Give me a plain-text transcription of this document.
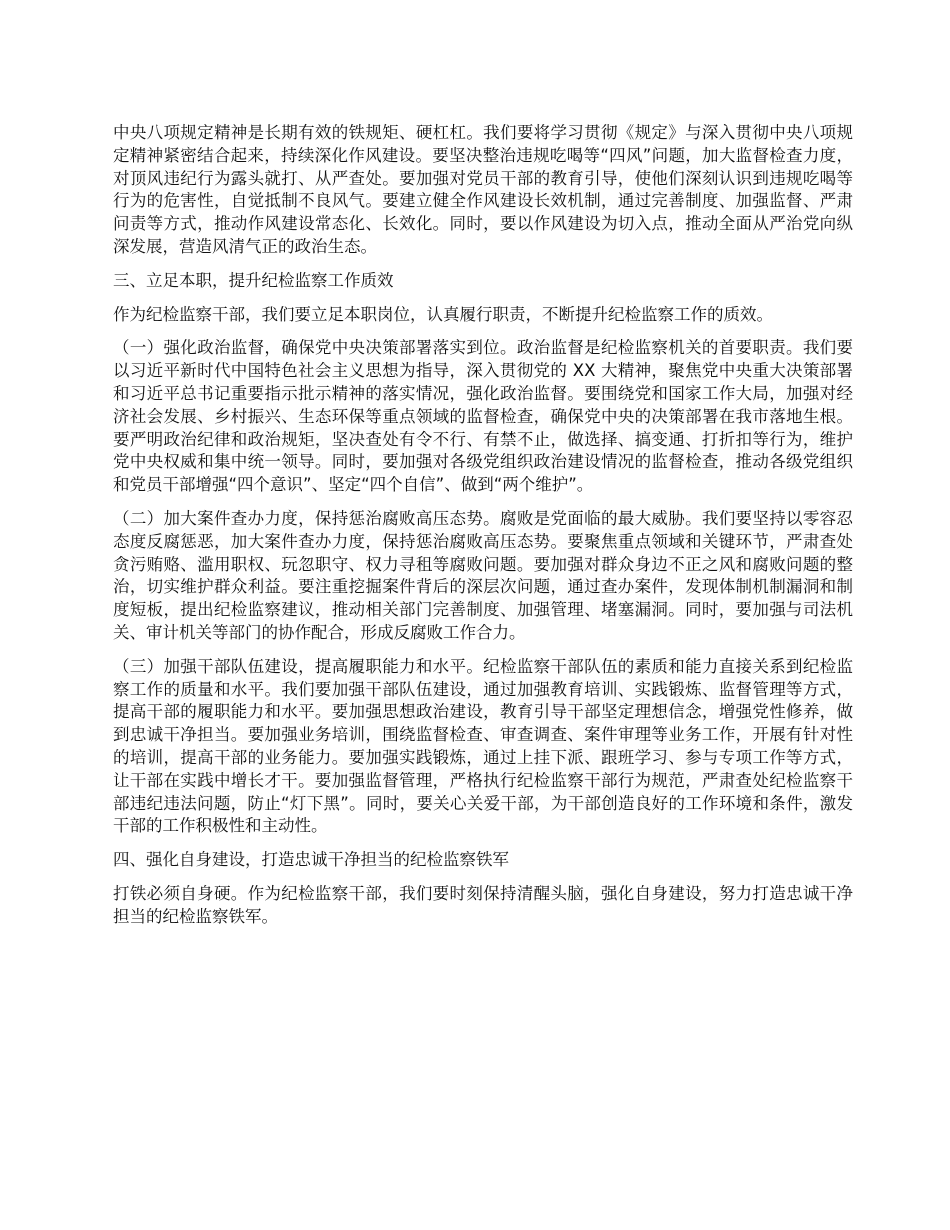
中央八项规定精神是长期有效的铁规矩、硬杠杠。我们要将学习贯彻《规定》与深入贯彻中央八项规定精神紧密结合起来，持续深化作风建设。要坚决整治违规吃喝等“四风”问题，加大监督检查力度，对顶风违纪行为露头就打、从严查处。要加强对党员干部的教育引导，使他们深刻认识到违规吃喝等行为的危害性，自觉抵制不良风气。要建立健全作风建设长效机制，通过完善制度、加强监督、严肃问责等方式，推动作风建设常态化、长效化。同时，要以作风建设为切入点，推动全面从严治党向纵深发展，营造风清气正的政治生态。

三、立足本职，提升纪检监察工作质效

作为纪检监察干部，我们要立足本职岗位，认真履行职责，不断提升纪检监察工作的质效。

（一）强化政治监督，确保党中央决策部署落实到位。政治监督是纪检监察机关的首要职责。我们要以习近平新时代中国特色社会主义思想为指导，深入贯彻党的 XX 大精神，聚焦党中央重大决策部署和习近平总书记重要指示批示精神的落实情况，强化政治监督。要围绕党和国家工作大局，加强对经济社会发展、乡村振兴、生态环保等重点领域的监督检查，确保党中央的决策部署在我市落地生根。要严明政治纪律和政治规矩，坚决查处有令不行、有禁不止，做选择、搞变通、打折扣等行为，维护党中央权威和集中统一领导。同时，要加强对各级党组织政治建设情况的监督检查，推动各级党组织和党员干部增强“四个意识”、坚定“四个自信”、做到“两个维护”。

（二）加大案件查办力度，保持惩治腐败高压态势。腐败是党面临的最大威胁。我们要坚持以零容忍态度反腐惩恶，加大案件查办力度，保持惩治腐败高压态势。要聚焦重点领域和关键环节，严肃查处贪污贿赂、滥用职权、玩忽职守、权力寻租等腐败问题。要加强对群众身边不正之风和腐败问题的整治，切实维护群众利益。要注重挖掘案件背后的深层次问题，通过查办案件，发现体制机制漏洞和制度短板，提出纪检监察建议，推动相关部门完善制度、加强管理、堵塞漏洞。同时，要加强与司法机关、审计机关等部门的协作配合，形成反腐败工作合力。

（三）加强干部队伍建设，提高履职能力和水平。纪检监察干部队伍的素质和能力直接关系到纪检监察工作的质量和水平。我们要加强干部队伍建设，通过加强教育培训、实践锻炼、监督管理等方式，提高干部的履职能力和水平。要加强思想政治建设，教育引导干部坚定理想信念，增强党性修养，做到忠诚干净担当。要加强业务培训，围绕监督检查、审查调查、案件审理等业务工作，开展有针对性的培训，提高干部的业务能力。要加强实践锻炼，通过上挂下派、跟班学习、参与专项工作等方式，让干部在实践中增长才干。要加强监督管理，严格执行纪检监察干部行为规范，严肃查处纪检监察干部违纪违法问题，防止“灯下黑”。同时，要关心关爱干部，为干部创造良好的工作环境和条件，激发干部的工作积极性和主动性。

四、强化自身建设，打造忠诚干净担当的纪检监察铁军

打铁必须自身硬。作为纪检监察干部，我们要时刻保持清醒头脑，强化自身建设，努力打造忠诚干净担当的纪检监察铁军。
